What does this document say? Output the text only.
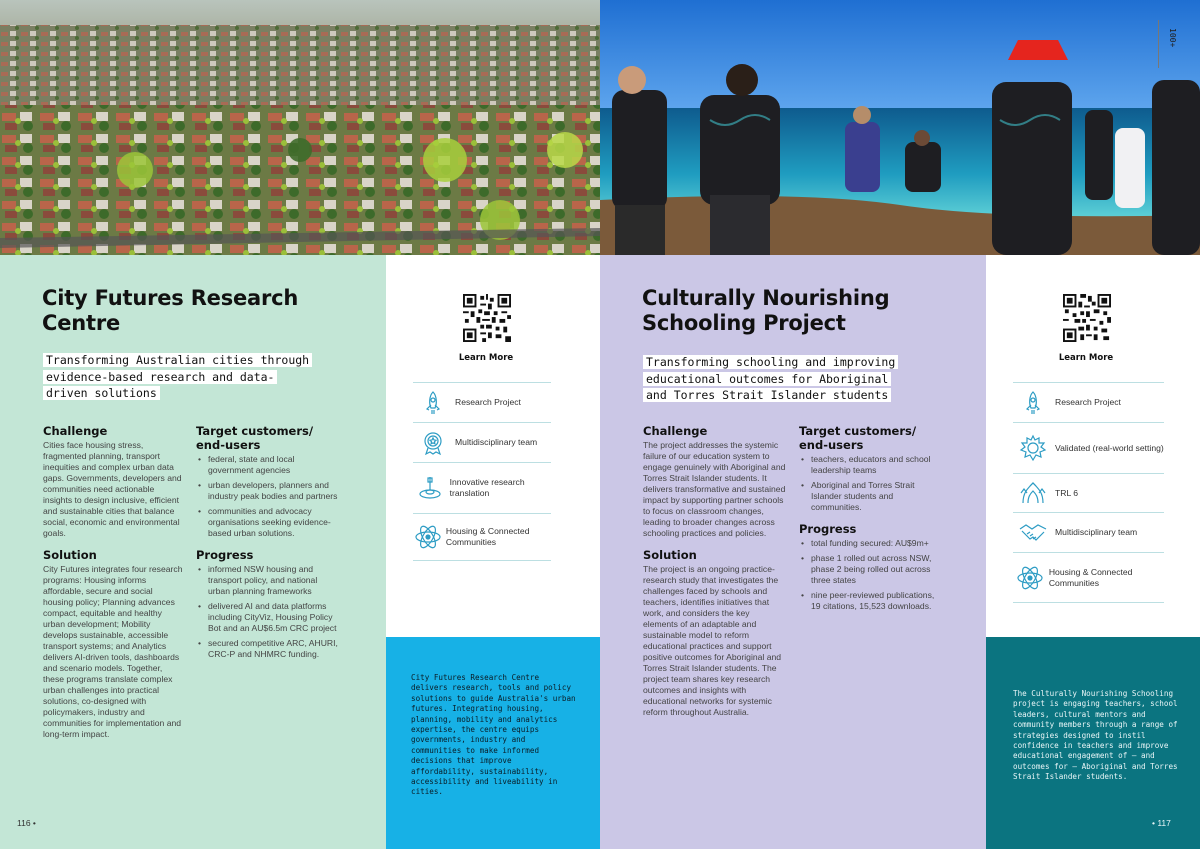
City Futures Research
Centre
Transforming Australian cities through
evidence-based research and data-
driven solutions
Challenge
Cities face housing stress, fragmented planning, transport inequities and complex urban data gaps. Governments, developers and communities need actionable insights to design inclusive, efficient and sustainable cities that balance social, economic and environmental goals.
Solution
City Futures integrates four research programs: Housing informs affordable, secure and social housing policy; Planning advances compact, equitable and healthy urban development; Mobility develops sustainable, accessible transport systems; and Analytics delivers AI-driven tools, dashboards and scenario models. Together, these programs translate complex urban challenges into practical solutions, co-designed with policymakers, industry and communities for implementation and long-term impact.
Target customers/
end-users
• federal, state and local government agencies
• urban developers, planners and industry peak bodies and partners
• communities and advocacy organisations seeking evidence-based urban solutions.
Progress
• informed NSW housing and transport policy, and national urban planning frameworks
• delivered AI and data platforms including CityViz, Housing Policy Bot and an AU$6.5m CRC project
• secured competitive ARC, AHURI, CRC-P and NHMRC funding.
116 •
Learn More
Research Project
Multidisciplinary team
Innovative research translation
Housing & Connected Communities
City Futures Research Centre delivers research, tools and policy solutions to guide Australia's urban futures. Integrating housing, planning, mobility and analytics expertise, the centre equips governments, industry and communities to make informed decisions that improve affordability, sustainability, accessibility and liveability in cities.
Culturally Nourishing
Schooling Project
Transforming schooling and improving
educational outcomes for Aboriginal
and Torres Strait Islander students
Challenge
The project addresses the systemic failure of our education system to engage genuinely with Aboriginal and Torres Strait Islander students. It delivers transformative and sustained impact by supporting partner schools to focus on classroom changes, leading to broader changes across schooling practices and policies.
Solution
The project is an ongoing practice-research study that investigates the challenges faced by schools and teachers, identifies initiatives that work, and considers the key elements of an adaptable and sustainable model to reform educational practices and support positive outcomes for Aboriginal and Torres Strait Islander students. The project team shares key research outcomes and insights with educational networks for systemic reform throughout Australia.
Target customers/
end-users
• teachers, educators and school leadership teams
• Aboriginal and Torres Strait Islander students and communities.
Progress
• total funding secured: AU$9m+
• phase 1 rolled out across NSW, phase 2 being rolled out across three states
• nine peer-reviewed publications, 19 citations, 15,523 downloads.
Learn More
Research Project
Validated (real-world setting)
TRL 6
Multidisciplinary team
Housing & Connected Communities
The Culturally Nourishing Schooling project is engaging teachers, school leaders, cultural mentors and community members through a range of strategies designed to instil confidence in teachers and improve educational engagement of – and outcomes for – Aboriginal and Torres Strait Islander students.
• 117
100+
